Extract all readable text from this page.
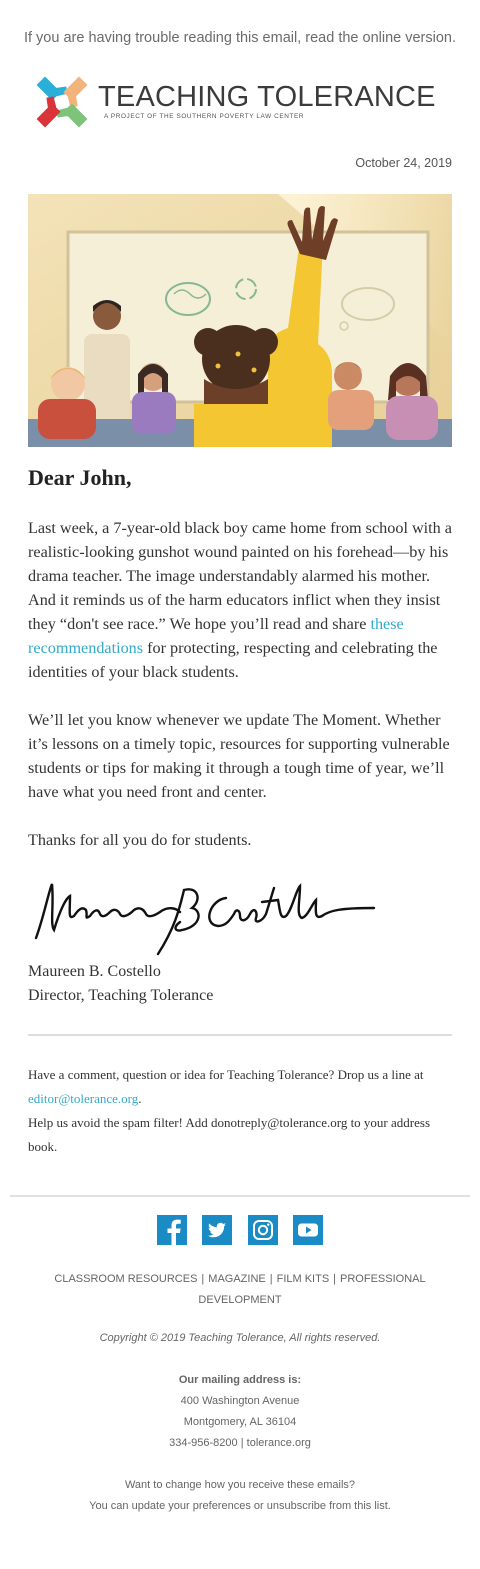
If you are having trouble reading this email, read the online version.
TEACHING TOLERANCE
A PROJECT OF THE SOUTHERN POVERTY LAW CENTER
October 24, 2019
Dear John,

Last week, a 7-year-old black boy came home from school with a realistic-looking gunshot wound painted on his forehead—by his drama teacher. The image understandably alarmed his mother. And it reminds us of the harm educators inflict when they insist they “don't see race.” We hope you’ll read and share these recommendations for protecting, respecting and celebrating the identities of your black students.

We’ll let you know whenever we update The Moment. Whether it’s lessons on a timely topic, resources for supporting vulnerable students or tips for making it through a tough time of year, we’ll have what you need front and center.

Thanks for all you do for students.

Maureen B. Costello
Director, Teaching Tolerance

Have a comment, question or idea for Teaching Tolerance? Drop us a line at editor@tolerance.org.

Help us avoid the spam filter! Add donotreply@tolerance.org to your address book.

CLASSROOM RESOURCES | MAGAZINE | FILM KITS | PROFESSIONAL DEVELOPMENT
Copyright © 2019 Teaching Tolerance, All rights reserved.
Our mailing address is:
400 Washington Avenue
Montgomery, AL 36104
334-956-8200 | tolerance.org
Want to change how you receive these emails?
You can update your preferences or unsubscribe from this list.
